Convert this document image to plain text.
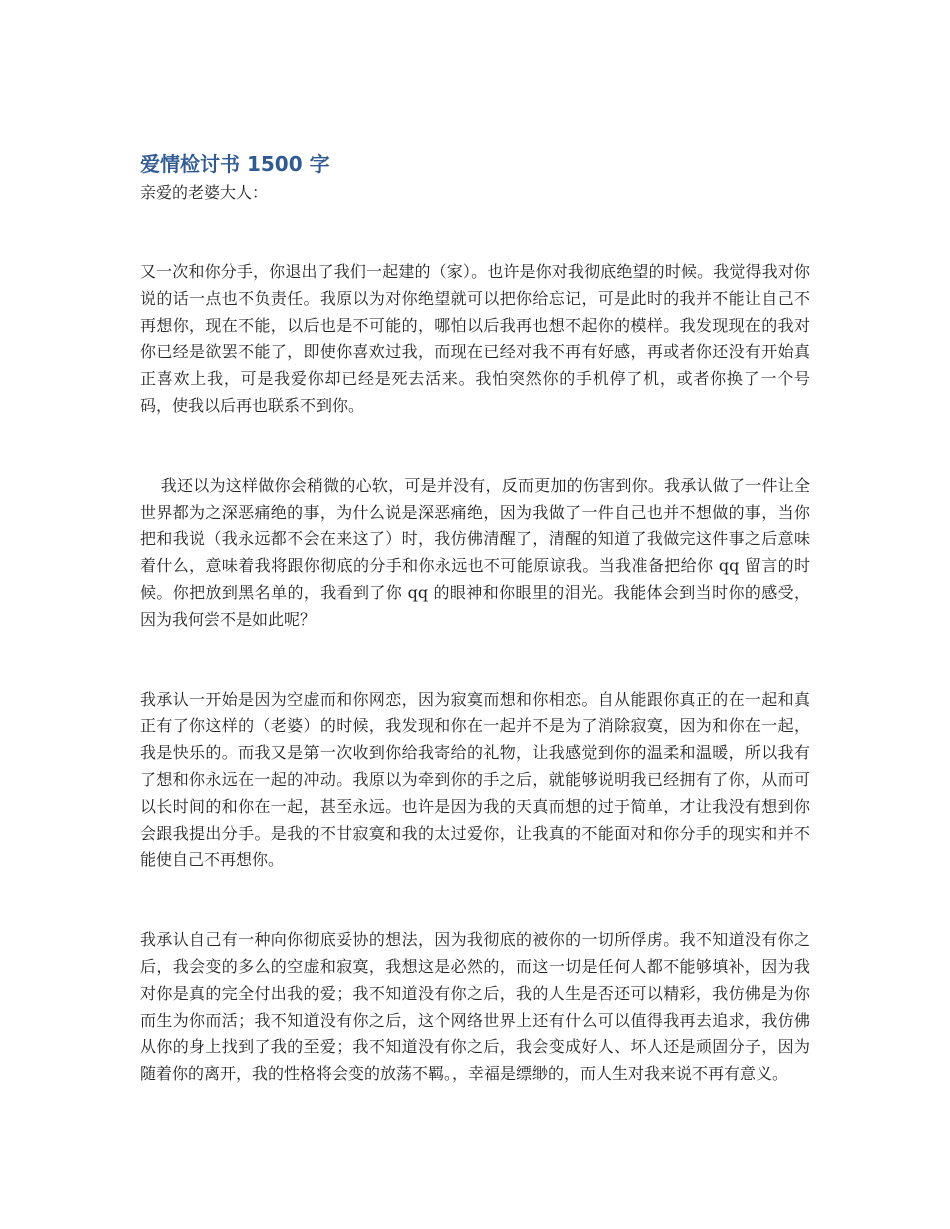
爱情检讨书 1500 字

亲爱的老婆大人：

又一次和你分手，你退出了我们一起建的（家）。也许是你对我彻底绝望的时候。我觉得我对你说的话一点也不负责任。我原以为对你绝望就可以把你给忘记，可是此时的我并不能让自己不再想你，现在不能，以后也是不可能的，哪怕以后我再也想不起你的模样。我发现现在的我对你已经是欲罢不能了，即使你喜欢过我，而现在已经对我不再有好感，再或者你还没有开始真正喜欢上我，可是我爱你却已经是死去活来。我怕突然你的手机停了机，或者你换了一个号码，使我以后再也联系不到你。

我还以为这样做你会稍微的心软，可是并没有，反而更加的伤害到你。我承认做了一件让全世界都为之深恶痛绝的事，为什么说是深恶痛绝，因为我做了一件自己也并不想做的事，当你把和我说（我永远都不会在来这了）时，我仿佛清醒了，清醒的知道了我做完这件事之后意味着什么，意味着我将跟你彻底的分手和你永远也不可能原谅我。当我准备把给你 qq 留言的时候。你把放到黑名单的，我看到了你 qq 的眼神和你眼里的泪光。我能体会到当时你的感受，因为我何尝不是如此呢？

我承认一开始是因为空虚而和你网恋，因为寂寞而想和你相恋。自从能跟你真正的在一起和真正有了你这样的（老婆）的时候，我发现和你在一起并不是为了消除寂寞，因为和你在一起，我是快乐的。而我又是第一次收到你给我寄给的礼物，让我感觉到你的温柔和温暖，所以我有了想和你永远在一起的冲动。我原以为牵到你的手之后，就能够说明我已经拥有了你，从而可以长时间的和你在一起，甚至永远。也许是因为我的天真而想的过于简单，才让我没有想到你会跟我提出分手。是我的不甘寂寞和我的太过爱你，让我真的不能面对和你分手的现实和并不能使自己不再想你。

我承认自己有一种向你彻底妥协的想法，因为我彻底的被你的一切所俘虏。我不知道没有你之后，我会变的多么的空虚和寂寞，我想这是必然的，而这一切是任何人都不能够填补，因为我对你是真的完全付出我的爱；我不知道没有你之后，我的人生是否还可以精彩，我仿佛是为你而生为你而活；我不知道没有你之后，这个网络世界上还有什么可以值得我再去追求，我仿佛从你的身上找到了我的至爱；我不知道没有你之后，我会变成好人、坏人还是顽固分子，因为随着你的离开，我的性格将会变的放荡不羁。，幸福是缥缈的，而人生对我来说不再有意义。
